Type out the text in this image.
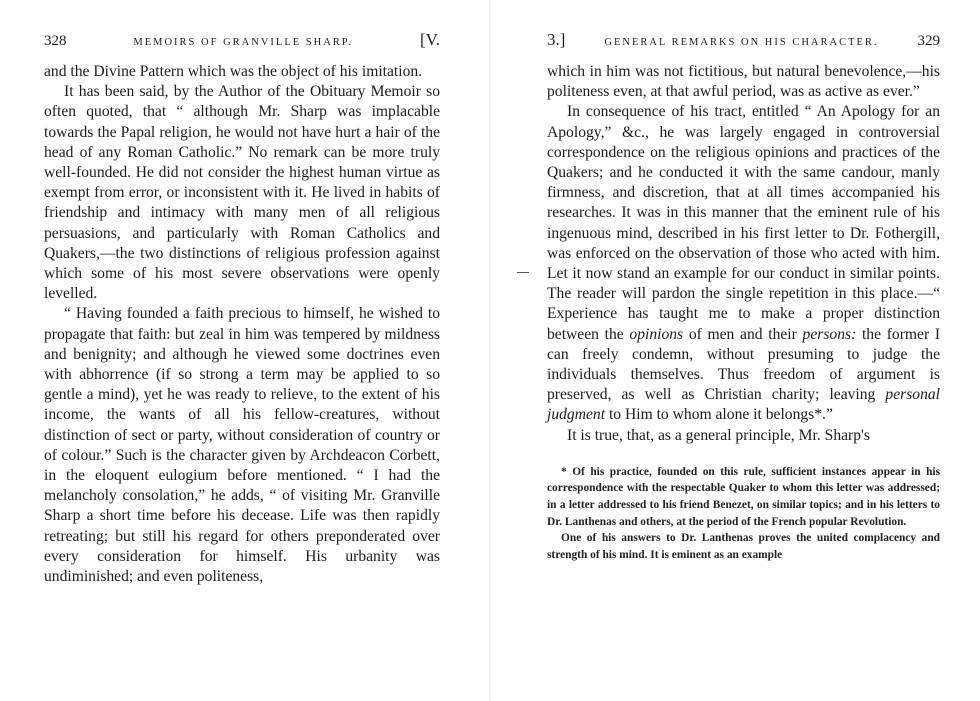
328	MEMOIRS OF GRANVILLE SHARP.	[V.

and the Divine Pattern which was the object of his imitation.

It has been said, by the Author of the Obituary Memoir so often quoted, that “ although Mr. Sharp was implacable towards the Papal religion, he would not have hurt a hair of the head of any Roman Catholic.” No remark can be more truly well-founded. He did not consider the highest human virtue as exempt from error, or inconsistent with it. He lived in habits of friendship and intimacy with many men of all religious persuasions, and particularly with Roman Catholics and Quakers,—the two distinctions of religious profession against which some of his most severe observations were openly levelled.

“ Having founded a faith precious to himself, he wished to propagate that faith: but zeal in him was tempered by mildness and benignity; and although he viewed some doctrines even with abhorrence (if so strong a term may be applied to so gentle a mind), yet he was ready to relieve, to the extent of his income, the wants of all his fellow-creatures, without distinction of sect or party, without consideration of country or of colour.” Such is the character given by Archdeacon Corbett, in the eloquent eulogium before mentioned. “ I had the melancholy consolation,” he adds, “ of visiting Mr. Granville Sharp a short time before his decease. Life was then rapidly retreating; but still his regard for others preponderated over every consideration for himself. His urbanity was undiminished; and even politeness,

3.]	GENERAL REMARKS ON HIS CHARACTER.	329

which in him was not fictitious, but natural benevolence,—his politeness even, at that awful period, was as active as ever.”

In consequence of his tract, entitled “ An Apology for an Apology,” &c., he was largely engaged in controversial correspondence on the religious opinions and practices of the Quakers; and he conducted it with the same candour, manly firmness, and discretion, that at all times accompanied his researches. It was in this manner that the eminent rule of his ingenuous mind, described in his first letter to Dr. Fothergill, was enforced on the observation of those who acted with him. Let it now stand an example for our conduct in similar points. The reader will pardon the single repetition in this place.—“ Experience has taught me to make a proper distinction between the opinions of men and their persons: the former I can freely condemn, without presuming to judge the individuals themselves. Thus freedom of argument is preserved, as well as Christian charity; leaving personal judgment to Him to whom alone it belongs*.”

It is true, that, as a general principle, Mr. Sharp's

* Of his practice, founded on this rule, sufficient instances appear in his correspondence with the respectable Quaker to whom this letter was addressed; in a letter addressed to his friend Benezet, on similar topics; and in his letters to Dr. Lanthenas and others, at the period of the French popular Revolution.

One of his answers to Dr. Lanthenas proves the united complacency and strength of his mind. It is eminent as an example
